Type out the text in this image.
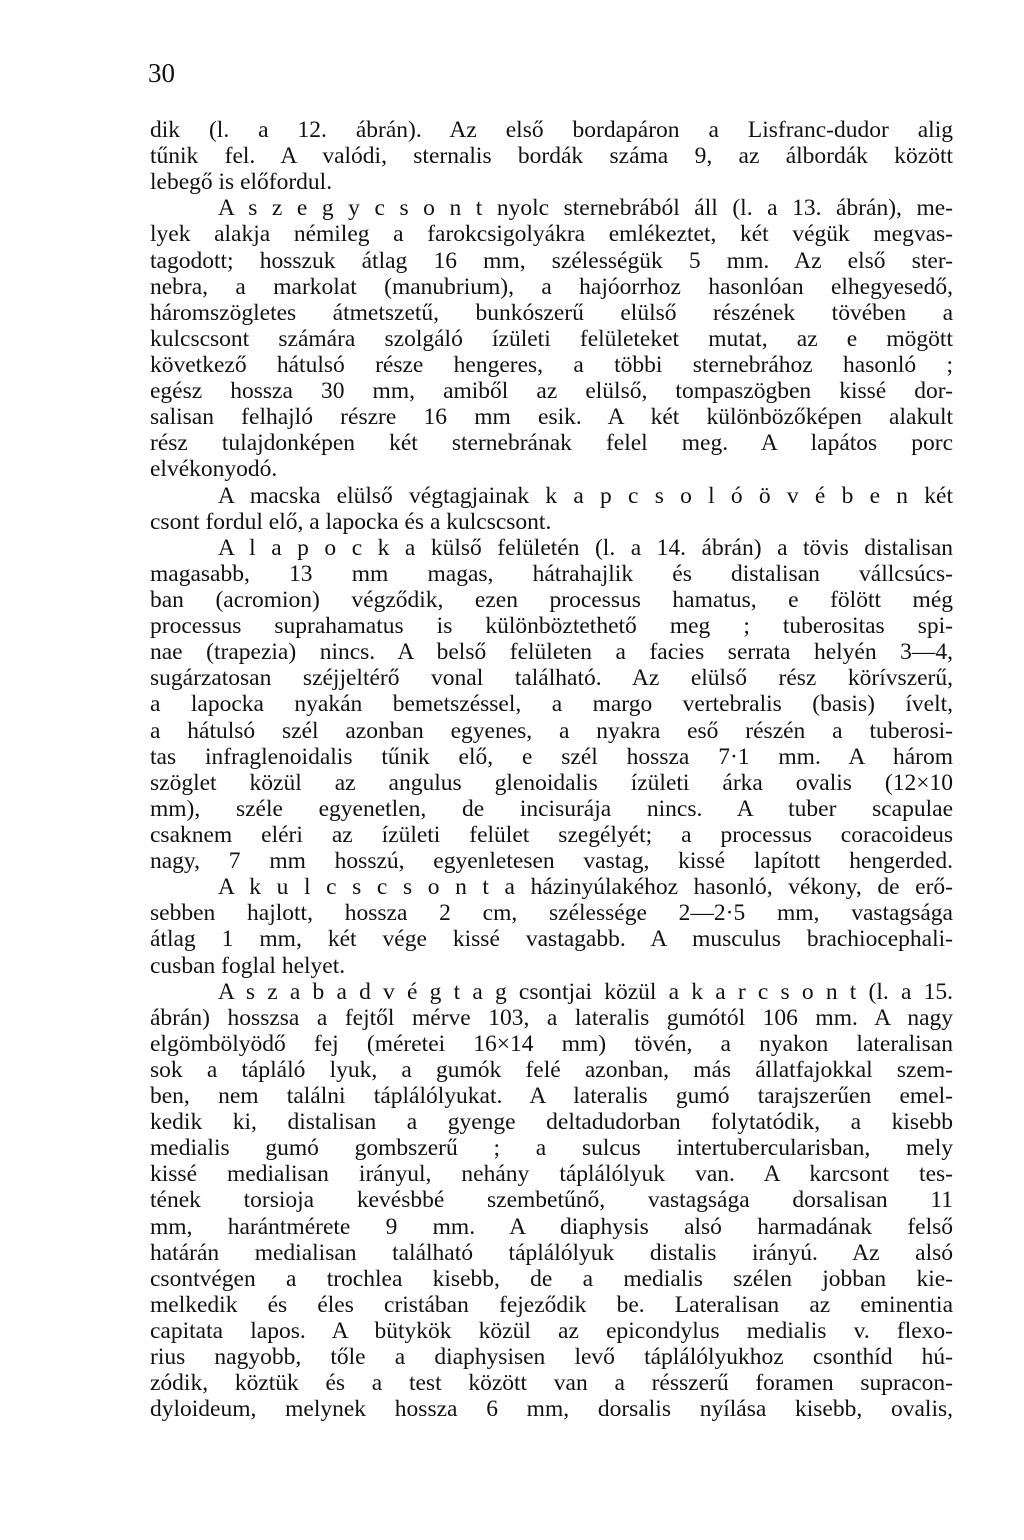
30
dik (l. a 12. ábrán). Az első bordapáron a Lisfranc-dudor alig
tűnik fel. A valódi, sternalis bordák száma 9, az álbordák között
lebegő is előfordul.
A s z e g y c s o n t nyolc sternebrából áll (l. a 13. ábrán), me-
lyek alakja némileg a farokcsigolyákra emlékeztet, két végük megvas-
tagodott; hosszuk átlag 16 mm, szélességük 5 mm. Az első ster-
nebra, a markolat (manubrium), a hajóorrhoz hasonlóan elhegyesedő,
háromszögletes átmetszetű, bunkószerű elülső részének tövében a
kulcscsont számára szolgáló ízületi felületeket mutat, az e mögött
következő hátulsó része hengeres, a többi sternebrához hasonló ;
egész hossza 30 mm, amiből az elülső, tompaszögben kissé dor-
salisan felhajló részre 16 mm esik. A két különbözőképen alakult
rész tulajdonképen két sternebrának felel meg. A lapátos porc
elvékonyodó.
A macska elülső végtagjainak k a p c s o l ó ö v é b e n két
csont fordul elő, a lapocka és a kulcscsont.
A l a p o c k a külső felületén (l. a 14. ábrán) a tövis distalisan
magasabb, 13 mm magas, hátrahajlik és distalisan vállcsúcs-
ban (acromion) végződik, ezen processus hamatus, e fölött még
processus suprahamatus is különböztethető meg ; tuberositas spi-
nae (trapezia) nincs. A belső felületen a facies serrata helyén 3—4,
sugárzatosan széjjeltérő vonal található. Az elülső rész körívszerű,
a lapocka nyakán bemetszéssel, a margo vertebralis (basis) ívelt,
a hátulsó szél azonban egyenes, a nyakra eső részén a tuberosi-
tas infraglenoidalis tűnik elő, e szél hossza 7·1 mm. A három
szöglet közül az angulus glenoidalis ízületi árka ovalis (12×10
mm), széle egyenetlen, de incisurája nincs. A tuber scapulae
csaknem eléri az ízületi felület szegélyét; a processus coracoideus
nagy, 7 mm hosszú, egyenletesen vastag, kissé lapított hengerded.
A k u l c s c s o n t a házinyúlakéhoz hasonló, vékony, de erő-
sebben hajlott, hossza 2 cm, szélessége 2—2·5 mm, vastagsága
átlag 1 mm, két vége kissé vastagabb. A musculus brachiocephali-
cusban foglal helyet.
A s z a b a d v é g t a g csontjai közül a k a r c s o n t (l. a 15.
ábrán) hosszsa a fejtől mérve 103, a lateralis gumótól 106 mm. A nagy
elgömbölyödő fej (méretei 16×14 mm) tövén, a nyakon lateralisan
sok a tápláló lyuk, a gumók felé azonban, más állatfajokkal szem-
ben, nem találni táplálólyukat. A lateralis gumó tarajszerűen emel-
kedik ki, distalisan a gyenge deltadudorban folytatódik, a kisebb
medialis gumó gombszerű ; a sulcus intertubercularisban, mely
kissé medialisan irányul, nehány táplálólyuk van. A karcsont tes-
tének torsioja kevésbbé szembetűnő, vastagsága dorsalisan 11
mm, harántmérete 9 mm. A diaphysis alsó harmadának felső
határán medialisan található táplálólyuk distalis irányú. Az alsó
csontvégen a trochlea kisebb, de a medialis szélen jobban kie-
melkedik és éles cristában fejeződik be. Lateralisan az eminentia
capitata lapos. A bütykök közül az epicondylus medialis v. flexo-
rius nagyobb, tőle a diaphysisen levő táplálólyukhoz csonthíd hú-
zódik, köztük és a test között van a résszerű foramen supracon-
dyloideum, melynek hossza 6 mm, dorsalis nyílása kisebb, ovalis,
